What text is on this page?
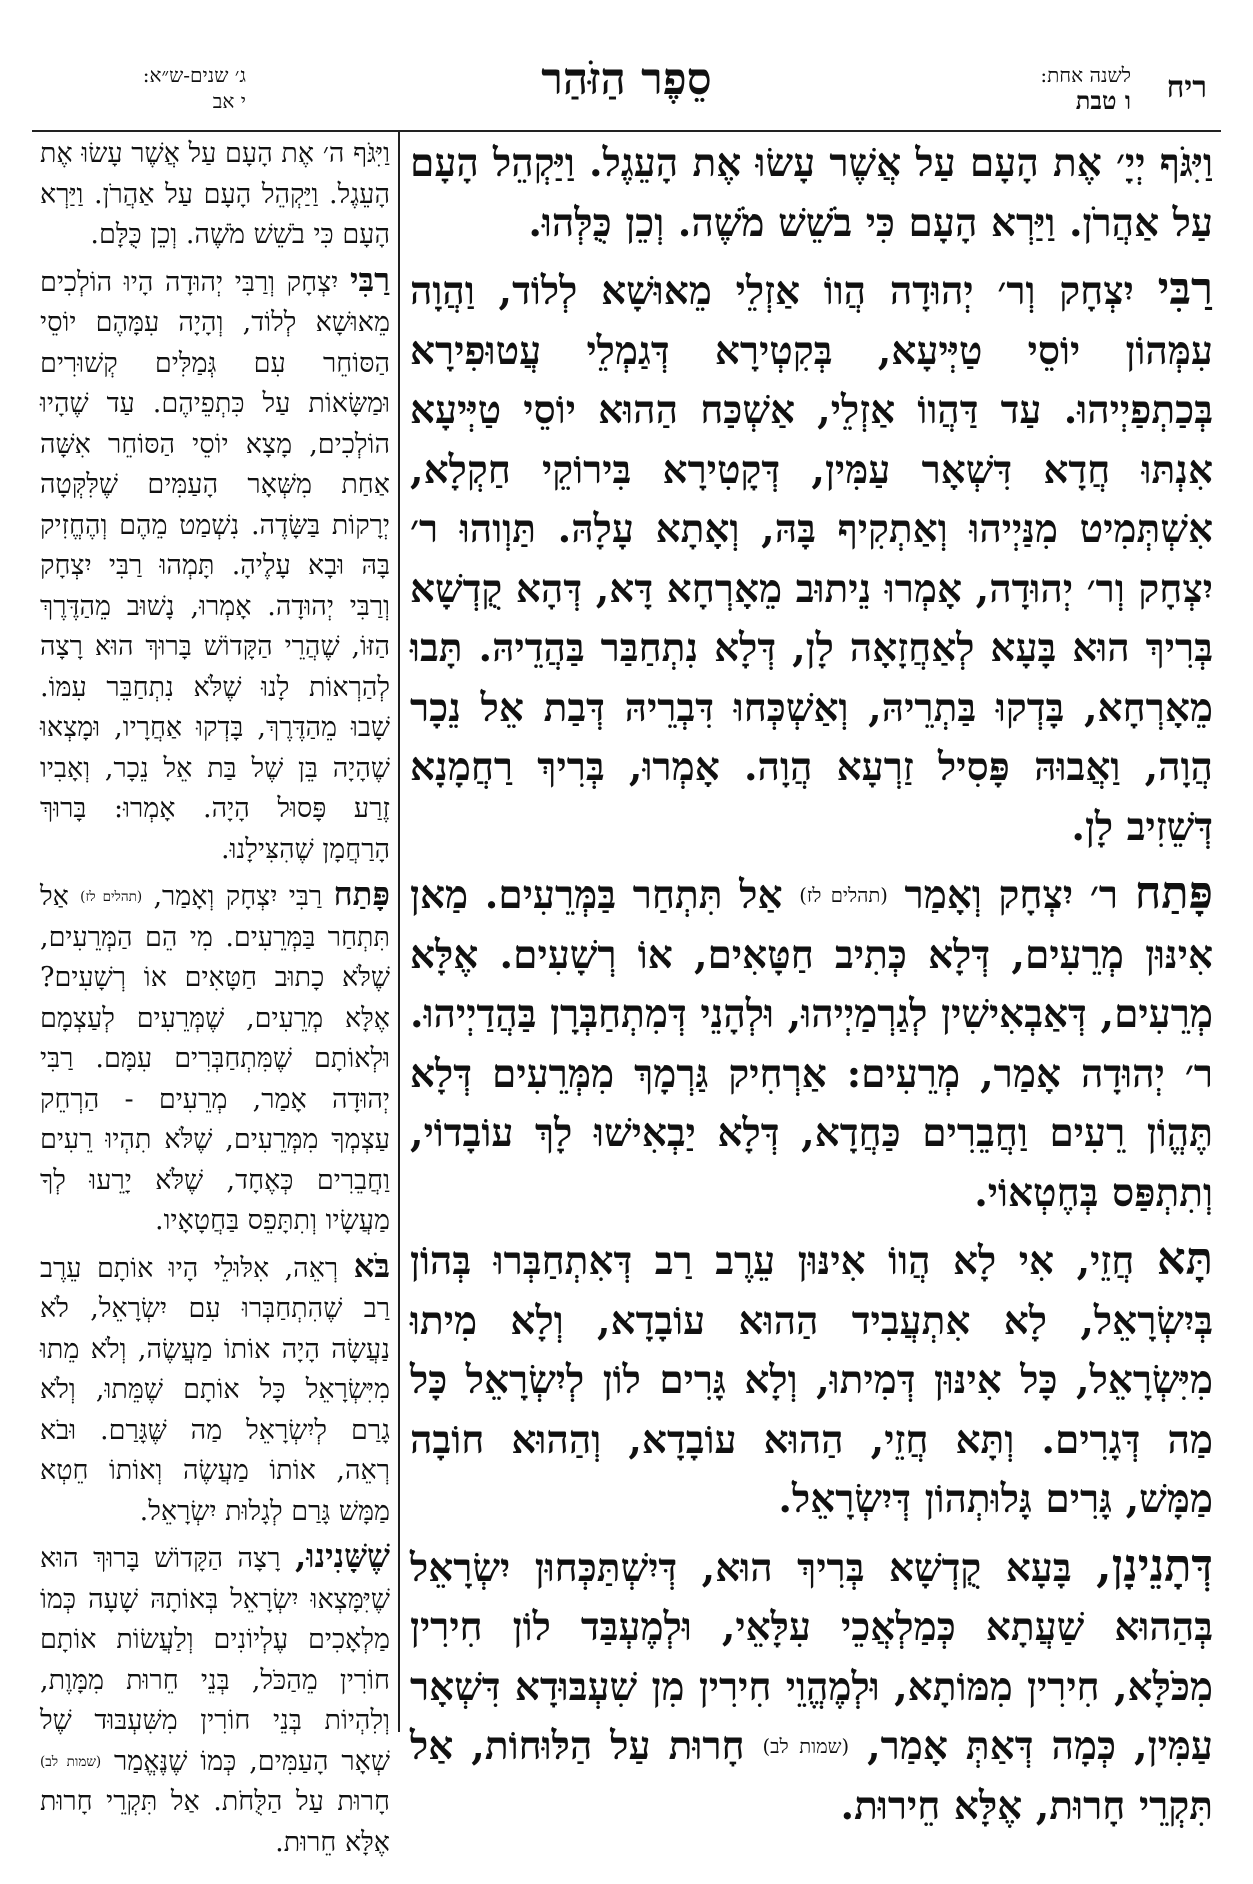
ריח
לשנה אחת:
ו טבת
סֵפֶר הַזֹּהַר
ג׳ שנים-ש״א:
י אב

וַיִּגֹּף יְיָ׳ אֶת הָעָם עַל אֲשֶׁר עָשׂוּ אֶת הָעֵגֶל. וַיַּקְהֵל הָעָם עַל אַהֲרֹן. וַיַּרְא הָעָם כִּי בֹשֵׁשׁ מֹשֶׁה. וְכֵן כֻּלְּהוּ.

רַבִּי יִצְחָק וְר׳ יְהוּדָה הֲווֹ אַזְלֵי מֵאוּשָׁא לְלוֹד, וַהֲוָה עִמְּהוֹן יוֹסֵי טַיְּיעָא, בְּקִטְירָא דְּגַמְלֵי עֲטוּפִירָא בְּכַתְפַיְיהוּ. עַד דַּהֲווֹ אַזְלֵי, אַשְׁכַּח הַהוּא יוֹסֵי טַיְּיעָא אִנְתּוּ חֲדָא דִּשְׁאָר עַמִּין, דְּקָטִירָא בִּירוֹקֵי חַקְלָא, אִשְׁתְּמִיט מִנַּיְיהוּ וְאַתְקִיף בָּהּ, וְאָתָא עָלָהּ. תַּוְוהוּ ר׳ יִצְחָק וְר׳ יְהוּדָה, אָמְרוּ נֵיתוּב מֵאָרְחָא דָּא, דְּהָא קֻדְשָׁא בְּרִיךְ הוּא בָּעָא לְאַחֲזָאָה לָן, דְּלָא נִתְחַבַּר בַּהֲדֵיהּ. תָּבוּ מֵאָרְחָא, בָּדְקוּ בַּתְרֵיהּ, וְאַשְׁכְּחוּ דִּבְרֵיהּ דְּבַת אֵל נֵכָר הֲוָה, וַאֲבוּהּ פָּסִיל זַרְעָא הֲוָה. אָמְרוּ, בְּרִיךְ רַחֲמָנָא דְּשֵׁזִיב לָן.

פָּתַח ר׳ יִצְחָק וְאָמַר (תהלים לז) אַל תִּתְחַר בַּמְּרֵעִים. מַאן אִינּוּן מְרֵעִים, דְּלָא כְּתִיב חַטָּאִים, אוֹ רְשָׁעִים. אֶלָּא מְרֵעִים, דְּאַבְאִישִׁין לְגַרְמַיְיהוּ, וּלְהָנֵי דְּמִתְחַבְּרָן בַּהֲדַיְיהוּ. ר׳ יְהוּדָה אָמַר, מְרֵעִים: אַרְחִיק גַּרְמָךְ מִמְּרֵעִים דְּלָא תֶּהֱוֹן רֵעִים וַחֲבֵרִים כַּחֲדָא, דְּלָא יַבְאִישׁוּ לָךְ עוֹבָדוֹי, וְתִתְפַּס בְּחֶטְאוֹי.

תָּא חֲזֵי, אִי לָא הֲווֹ אִינּוּן עֵרֶב רַב דְּאִתְחַבְּרוּ בְּהוֹן בְּיִשְׂרָאֵל, לָא אִתְעֲבִיד הַהוּא עוֹבָדָא, וְלָא מִיתוּ מִיִּשְׂרָאֵל, כָּל אִינּוּן דְּמִיתוּ, וְלָא גָּרִים לוֹן לְיִשְׂרָאֵל כָּל מַה דְּגָרִים. וְתָּא חֲזֵי, הַהוּא עוֹבָדָא, וְהַהוּא חוֹבָה מַמָּשׁ, גָּרִים גָּלוּתְהוֹן דְּיִשְׂרָאֵל.

דְּתָנֵינָן, בָּעָא קֻדְשָׁא בְּרִיךְ הוּא, דְּיִשְׁתַּכְּחוּן יִשְׂרָאֵל בְּהַהוּא שַׁעֲתָא כְּמַלְאֲכֵי עִלָּאֵי, וּלְמֶעְבַּד לוֹן חִירִין מִכֹּלָּא, חִירִין מִמּוֹתָא, וּלְמֶהֱוֵי חִירִין מִן שִׁעְבּוּדָא דִּשְׁאָר עַמִּין, כְּמָה דְּאַתְּ אָמַר, (שמות לב) חָרוּת עַל הַלּוּחוֹת, אַל תִּקְרֵי חָרוּת, אֶלָּא חֵירוּת.

וַיִּגֹּף ה׳ אֶת הָעָם עַל אֲשֶׁר עָשׂוּ אֶת הָעֵגֶל. וַיַּקְהֵל הָעָם עַל אַהֲרֹן. וַיַּרְא הָעָם כִּי בֹשֵׁשׁ מֹשֶׁה. וְכֵן כֻּלָּם.

רַבִּי יִצְחָק וְרַבִּי יְהוּדָה הָיוּ הוֹלְכִים מֵאוּשָׁא לְלוֹד, וְהָיָה עִמָּהֶם יוֹסֵי הַסּוֹחֵר עִם גְּמַלִּים קְשׁוּרִים וּמַשָּׂאוֹת עַל כִּתְפֵיהֶם. עַד שֶׁהָיוּ הוֹלְכִים, מָצָא יוֹסֵי הַסּוֹחֵר אִשָּׁה אַחַת מִשְּׁאָר הָעַמִּים שֶׁלִּקְּטָה יְרָקוֹת בַּשָּׂדֶה. נִשְׁמַט מֵהֶם וְהֶחֱזִיק בָּהּ וּבָא עָלֶיהָ. תָּמְהוּ רַבִּי יִצְחָק וְרַבִּי יְהוּדָה. אָמְרוּ, נָשׁוּב מֵהַדֶּרֶךְ הַזּוֹ, שֶׁהֲרֵי הַקָּדוֹשׁ בָּרוּךְ הוּא רָצָה לְהַרְאוֹת לָנוּ שֶׁלֹּא נִתְחַבֵּר עִמּוֹ. שָׁבוּ מֵהַדֶּרֶךְ, בָּדְקוּ אַחֲרָיו, וּמָצְאוּ שֶׁהָיָה בֵּן שֶׁל בַּת אֵל נֵכָר, וְאָבִיו זֶרַע פָּסוּל הָיָה. אָמְרוּ: בָּרוּךְ הָרַחֲמָן שֶׁהִצִּילָנוּ.

פָּתַח רַבִּי יִצְחָק וְאָמַר, (תהלים לז) אַל תִּתְחַר בַּמְּרֵעִים. מִי הֵם הַמְּרֵעִים, שֶׁלֹּא כָתוּב חַטָּאִים אוֹ רְשָׁעִים? אֶלָּא מְרֵעִים, שֶׁמְּרֵעִים לְעַצְמָם וּלְאוֹתָם שֶׁמִּתְחַבְּרִים עִמָּם. רַבִּי יְהוּדָה אָמַר, מְרֵעִים - הַרְחֵק עַצְמְךָ מִמְּרֵעִים, שֶׁלֹּא תִהְיוּ רֵעִים וַחֲבֵרִים כְּאֶחָד, שֶׁלֹּא יָרֵעוּ לְךָ מַעֲשָׂיו וְתִתָּפֵס בַּחֲטָאָיו.

בֹּא רְאֵה, אִלּוּלֵי הָיוּ אוֹתָם עֵרֶב רַב שֶׁהִתְחַבְּרוּ עִם יִשְׂרָאֵל, לֹא נַעֲשָׂה הָיָה אוֹתוֹ מַעֲשֶׂה, וְלֹא מֵתוּ מִיִּשְׂרָאֵל כָּל אוֹתָם שֶׁמֵּתוּ, וְלֹא גָרַם לְיִשְׂרָאֵל מַה שֶּׁגָּרַם. וּבֹא רְאֵה, אוֹתוֹ מַעֲשֶׂה וְאוֹתוֹ חֵטְא מַמָּשׁ גָּרַם לְגָלוּת יִשְׂרָאֵל.

שֶׁשָּׁנִינוּ, רָצָה הַקָּדוֹשׁ בָּרוּךְ הוּא שֶׁיִּמָּצְאוּ יִשְׂרָאֵל בְּאוֹתָהּ שָׁעָה כְּמוֹ מַלְאָכִים עֶלְיוֹנִים וְלַעֲשׂוֹת אוֹתָם חוֹרִין מֵהַכֹּל, בְּנֵי חֵרוּת מִמָּוֶת, וְלִהְיוֹת בְּנֵי חוֹרִין מִשִּׁעְבּוּד שֶׁל שְׁאָר הָעַמִּים, כְּמוֹ שֶׁנֶּאֱמַר (שמות לב) חָרוּת עַל הַלֻּחֹת. אַל תִּקְרֵי חָרוּת אֶלָּא חֵרוּת.
